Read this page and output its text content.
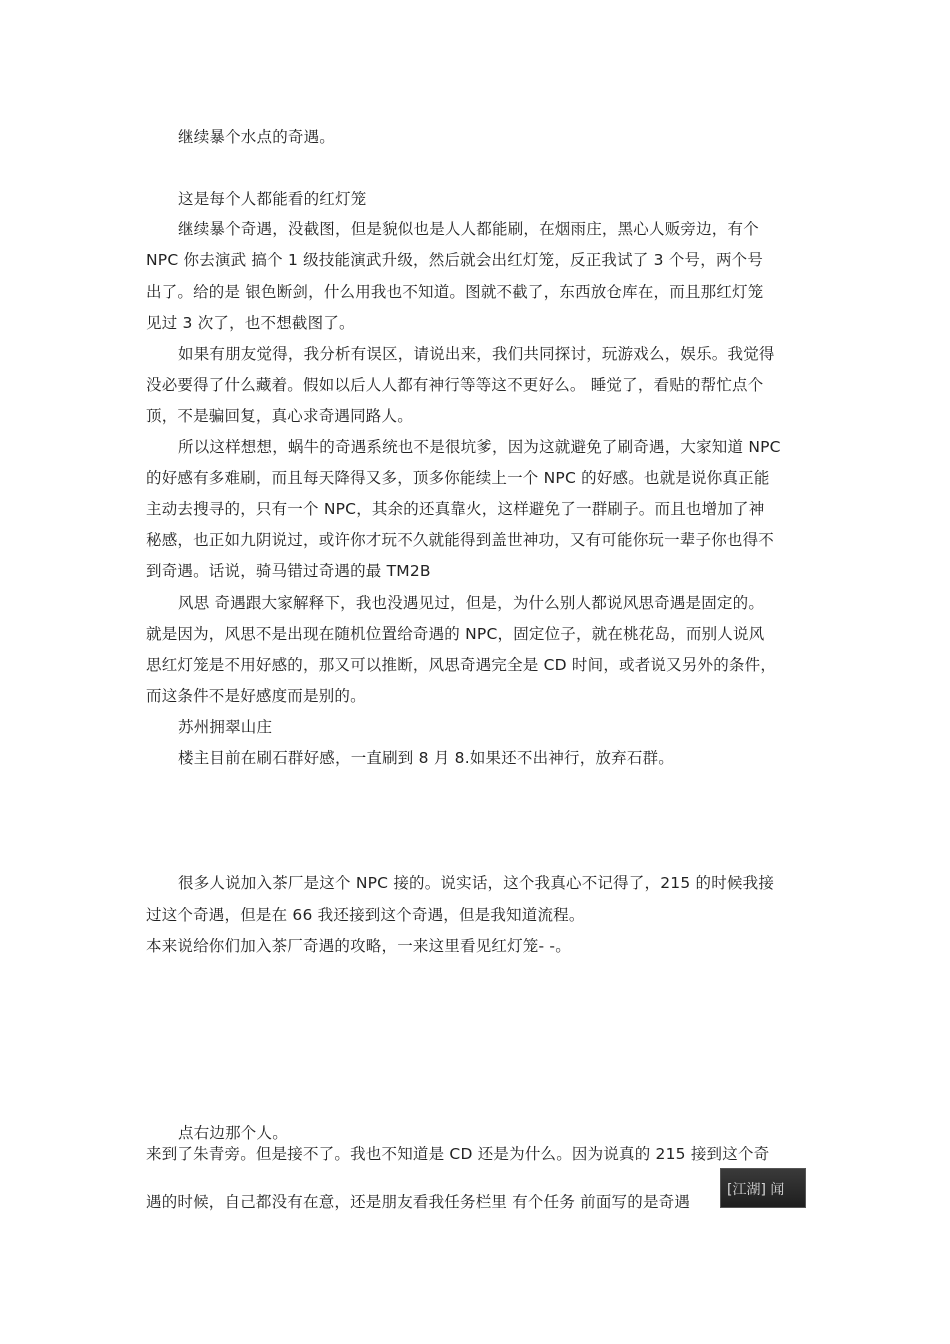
继续暴个水点的奇遇。
这是每个人都能看的红灯笼
继续暴个奇遇，没截图，但是貌似也是人人都能刷，在烟雨庄，黑心人贩旁边，有个
NPC 你去演武 搞个 1 级技能演武升级，然后就会出红灯笼，反正我试了 3 个号，两个号
出了。给的是 银色断剑，什么用我也不知道。图就不截了，东西放仓库在，而且那红灯笼
见过 3 次了，也不想截图了。
如果有朋友觉得，我分析有误区，请说出来，我们共同探讨，玩游戏么，娱乐。我觉得
没必要得了什么藏着。假如以后人人都有神行等等这不更好么。 睡觉了，看贴的帮忙点个
顶，不是骗回复，真心求奇遇同路人。
所以这样想想，蜗牛的奇遇系统也不是很坑爹，因为这就避免了刷奇遇，大家知道 NPC
的好感有多难刷，而且每天降得又多，顶多你能续上一个 NPC 的好感。也就是说你真正能
主动去搜寻的，只有一个 NPC，其余的还真靠火，这样避免了一群刷子。而且也增加了神
秘感，也正如九阴说过，或许你才玩不久就能得到盖世神功，又有可能你玩一辈子你也得不
到奇遇。话说，骑马错过奇遇的最 TM2B
风思 奇遇跟大家解释下，我也没遇见过，但是，为什么别人都说风思奇遇是固定的。
就是因为，风思不是出现在随机位置给奇遇的 NPC，固定位子，就在桃花岛，而别人说风
思红灯笼是不用好感的，那又可以推断，风思奇遇完全是 CD 时间，或者说又另外的条件，
而这条件不是好感度而是别的。
苏州拥翠山庄
楼主目前在刷石群好感，一直刷到 8 月 8.如果还不出神行，放弃石群。
很多人说加入茶厂是这个 NPC 接的。说实话，这个我真心不记得了，215 的时候我接
过这个奇遇，但是在 66 我还接到这个奇遇，但是我知道流程。
本来说给你们加入茶厂奇遇的攻略，一来这里看见红灯笼- -。
点右边那个人。
来到了朱青旁。但是接不了。我也不知道是 CD 还是为什么。因为说真的 215 接到这个奇
遇的时候，自己都没有在意，还是朋友看我任务栏里 有个任务 前面写的是奇遇
[江湖] 闻
